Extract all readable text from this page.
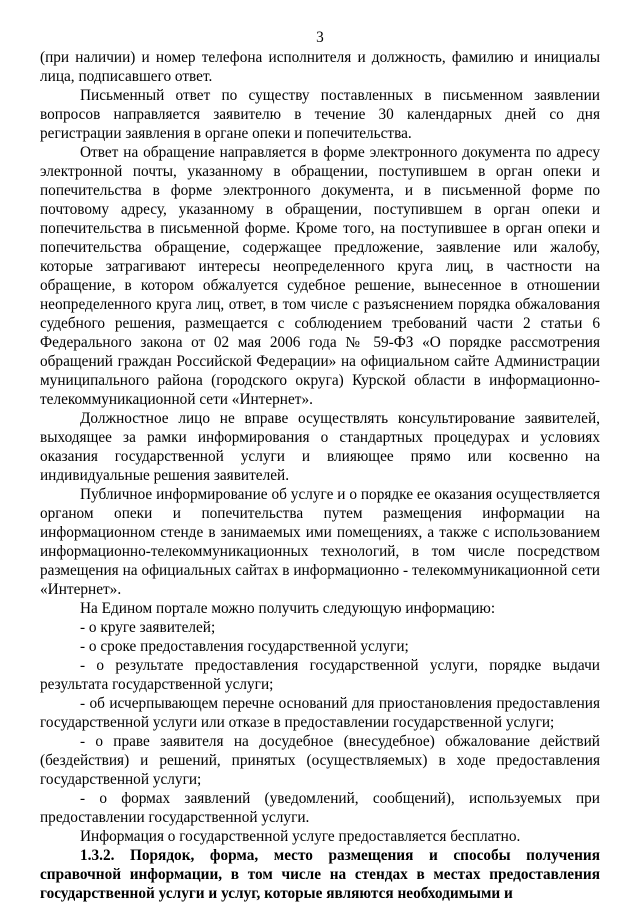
3

(при наличии) и номер телефона исполнителя и должность, фамилию и инициалы лица, подписавшего ответ.

Письменный ответ по существу поставленных в письменном заявлении вопросов направляется заявителю в течение 30 календарных дней со дня регистрации заявления в органе опеки и попечительства.

Ответ на обращение направляется в форме электронного документа по адресу электронной почты, указанному в обращении, поступившем в орган опеки и попечительства в форме электронного документа, и в письменной форме по почтовому адресу, указанному в обращении, поступившем в орган опеки и попечительства в письменной форме. Кроме того, на поступившее в орган опеки и попечительства обращение, содержащее предложение, заявление или жалобу, которые затрагивают интересы неопределенного круга лиц, в частности на обращение, в котором обжалуется судебное решение, вынесенное в отношении неопределенного круга лиц, ответ, в том числе с разъяснением порядка обжалования судебного решения, размещается с соблюдением требований части 2 статьи 6 Федерального закона от 02 мая 2006 года № 59-ФЗ «О порядке рассмотрения обращений граждан Российской Федерации» на официальном сайте Администрации муниципального района (городского округа) Курской области в информационно-телекоммуникационной сети «Интернет».

Должностное лицо не вправе осуществлять консультирование заявителей, выходящее за рамки информирования о стандартных процедурах и условиях оказания государственной услуги и влияющее прямо или косвенно на индивидуальные решения заявителей.

Публичное информирование об услуге и о порядке ее оказания осуществляется органом опеки и попечительства путем размещения информации на информационном стенде в занимаемых ими помещениях, а также с использованием информационно-телекоммуникационных технологий, в том числе посредством размещения на официальных сайтах в информационно - телекоммуникационной сети «Интернет».

На Едином портале можно получить следующую информацию:

- о круге заявителей;

- о сроке предоставления государственной услуги;

- о результате предоставления государственной услуги, порядке выдачи результата государственной услуги;

- об исчерпывающем перечне оснований для приостановления предоставления государственной услуги или отказе в предоставлении государственной услуги;

- о праве заявителя на досудебное (внесудебное) обжалование действий (бездействия) и решений, принятых (осуществляемых) в ходе предоставления государственной услуги;

- о формах заявлений (уведомлений, сообщений), используемых при предоставлении государственной услуги.

Информация о государственной услуге предоставляется бесплатно.

1.3.2. Порядок, форма, место размещения и способы получения справочной информации, в том числе на стендах в местах предоставления государственной услуги и услуг, которые являются необходимыми и
